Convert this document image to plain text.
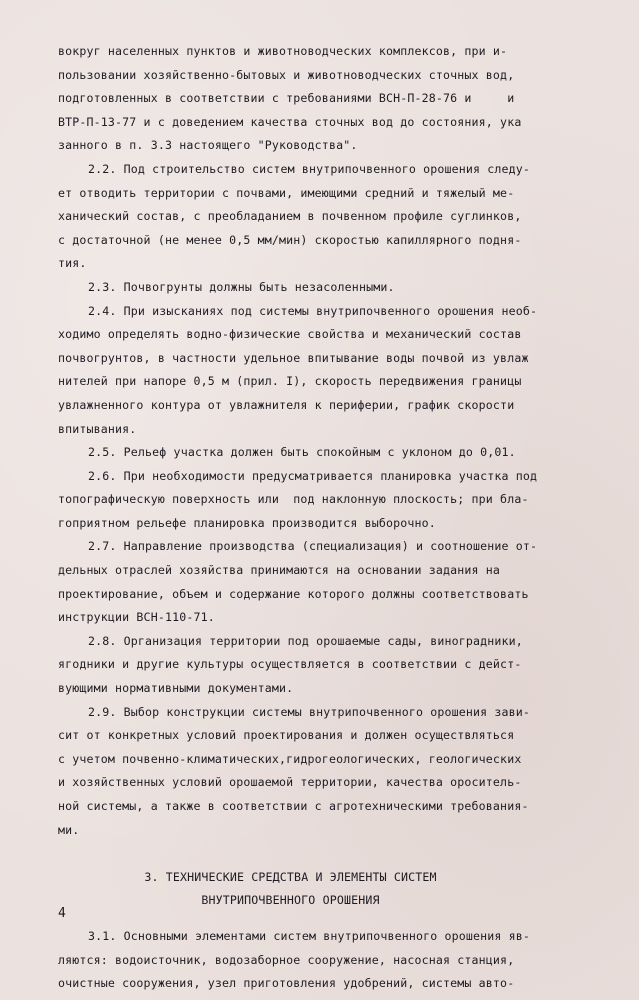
вокруг населенных пунктов и животноводческих комплексов, при и-
пользовании хозяйственно-бытовых и животноводческих сточных вод,
подготовленных в соответствии с требованиями ВСН-П-28-76 и     и
ВТР-П-13-77 и с доведением качества сточных вод до состояния, ука
занного в п. 3.3 настоящего "Руководства".
2.2. Под строительство систем внутрипочвенного орошения следу-
ет отводить территории с почвами, имеющими средний и тяжелый ме-
ханический состав, с преобладанием в почвенном профиле суглинков,
с достаточной (не менее 0,5 мм/мин) скоростью капиллярного подня-
тия.
2.3. Почвогрунты должны быть незасоленными.
2.4. При изысканиях под системы внутрипочвенного орошения необ-
ходимо определять водно-физические свойства и механический состав
почвогрунтов, в частности удельное впитывание воды почвой из увлаж
нителей при напоре 0,5 м (прил. I), скорость передвижения границы
увлажненного контура от увлажнителя к периферии, график скорости
впитывания.
2.5. Рельеф участка должен быть спокойным с уклоном до 0,01.
2.6. При необходимости предусматривается планировка участка под
топографическую поверхность или  под наклонную плоскость; при бла-
гоприятном рельефе планировка производится выборочно.
2.7. Направление производства (специализация) и соотношение от-
дельных отраслей хозяйства принимаются на основании задания на
проектирование, объем и содержание которого должны соответствовать
инструкции ВСН-110-71.
2.8. Организация территории под орошаемые сады, виноградники,
ягодники и другие культуры осуществляется в соответствии с дейст-
вующими нормативными документами.
2.9. Выбор конструкции системы внутрипочвенного орошения зави-
сит от конкретных условий проектирования и должен осуществляться
с учетом почвенно-климатических,гидрогеологических, геологических
и хозяйственных условий орошаемой территории, качества ороситель-
ной системы, а также в соответствии с агротехническими требования-
ми.
3. ТЕХНИЧЕСКИЕ СРЕДСТВА И ЭЛЕМЕНТЫ СИСТЕМ
ВНУТРИПОЧВЕННОГО ОРОШЕНИЯ
3.1. Основными элементами систем внутрипочвенного орошения яв-
ляются: водоисточник, водозаборное сооружение, насосная станция,
очистные сооружения, узел приготовления удобрений, системы авто-
4
